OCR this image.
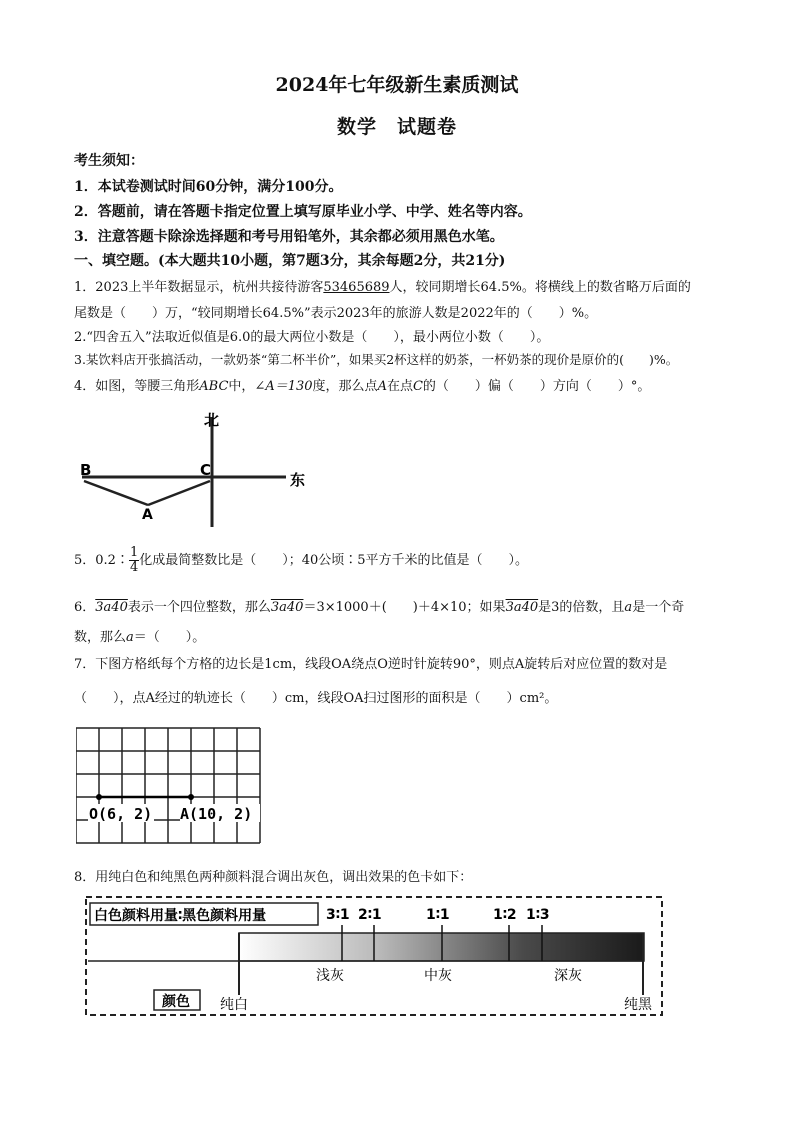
2024年七年级新生素质测试
数学　试题卷
考生须知：
1．本试卷测试时间60分钟，满分100分。
2．答题前，请在答题卡指定位置上填写原毕业小学、中学、姓名等内容。
3．注意答题卡除涂选择题和考号用铅笔外，其余都必须用黑色水笔。
一、填空题。(本大题共10小题，第7题3分，其余每题2分，共21分)
1．2023上半年数据显示，杭州共接待游客53465689人，较同期增长64.5%。将横线上的数省略万后面的
尾数是（　　）万，“较同期增长64.5%”表示2023年的旅游人数是2022年的（　　）%。
2.“四舍五入”法取近似值是6.0的最大两位小数是（　　），最小两位小数（　　）。
3.某饮料店开张搞活动，一款奶茶“第二杯半价”，如果买2杯这样的奶茶，一杯奶茶的现价是原价的(　　)%。
4．如图，等腰三角形ABC中，∠A＝130度，那么点A在点C的（　　）偏（　　）方向（　　）°。
北
东
B	C
A
5．0.2∶ $\frac{1}{4}$ 化成最简整数比是（　　）；40公顷∶5平方千米的比值是（　　）。
6．3a40表示一个四位整数，那么3a40＝3×1000＋(　　)＋4×10；如果3a40是3的倍数，且a是一个奇
数，那么a＝（　　）。
7．下图方格纸每个方格的边长是1cm，线段OA绕点O逆时针旋转90°，则点A旋转后对应位置的数对是
（　　），点A经过的轨迹长（　　）cm，线段OA扫过图形的面积是（　　）cm²。
O(6, 2) A(10, 2)
8．用纯白色和纯黑色两种颜料混合调出灰色，调出效果的色卡如下：
白色颜料用量∶黑色颜料用量	3∶1 2∶1	1∶1	1∶2 1∶3
浅灰	中灰	深灰
颜色 纯白	纯黑
